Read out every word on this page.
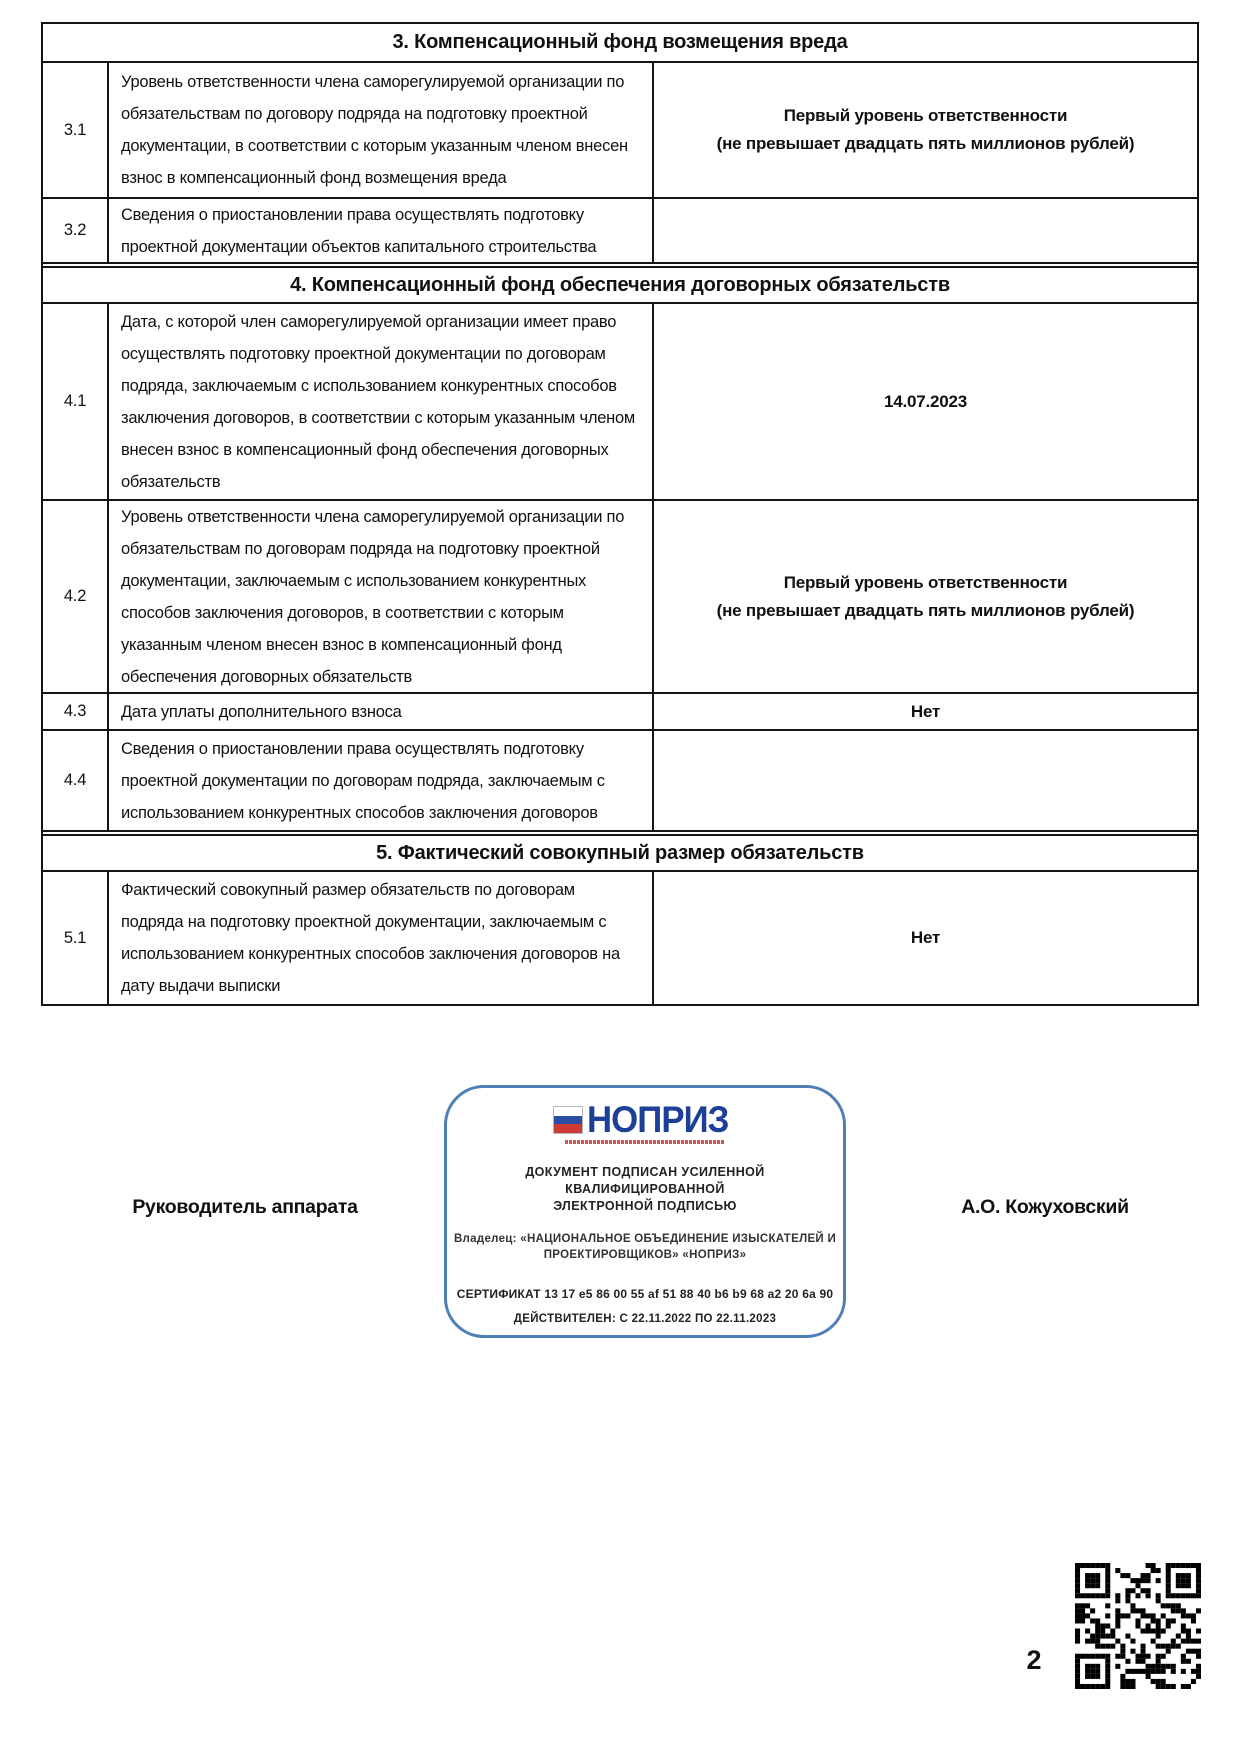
3. Компенсационный фонд возмещения вреда
3.1
Уровень ответственности члена саморегулируемой организации по обязательствам по договору подряда на подготовку проектной документации, в соответствии с которым указанным членом внесен взнос в компенсационный фонд возмещения вреда
Первый уровень ответственности
(не превышает двадцать пять миллионов рублей)
3.2
Сведения о приостановлении права осуществлять подготовку проектной документации объектов капитального строительства
4. Компенсационный фонд обеспечения договорных обязательств
4.1
Дата, с которой член саморегулируемой организации имеет право осуществлять подготовку проектной документации по договорам подряда, заключаемым с использованием конкурентных способов заключения договоров, в соответствии с которым указанным членом внесен взнос в компенсационный фонд обеспечения договорных обязательств
14.07.2023
4.2
Уровень ответственности члена саморегулируемой организации по обязательствам по договорам подряда на подготовку проектной документации, заключаемым с использованием конкурентных способов заключения договоров, в соответствии с которым указанным членом внесен взнос в компенсационный фонд обеспечения договорных обязательств
Первый уровень ответственности
(не превышает двадцать пять миллионов рублей)
4.3	Дата уплаты дополнительного взноса	Нет
4.4
Сведения о приостановлении права осуществлять подготовку проектной документации по договорам подряда, заключаемым с использованием конкурентных способов заключения договоров
5. Фактический совокупный размер обязательств
5.1
Фактический совокупный размер обязательств по договорам подряда на подготовку проектной документации, заключаемым с использованием конкурентных способов заключения договоров на дату выдачи выписки
Нет
Руководитель аппарата
НОПРИЗ
ДОКУМЕНТ ПОДПИСАН УСИЛЕННОЙ КВАЛИФИЦИРОВАННОЙ
ЭЛЕКТРОННОЙ ПОДПИСЬЮ
Владелец: «НАЦИОНАЛЬНОЕ ОБЪЕДИНЕНИЕ ИЗЫСКАТЕЛЕЙ И
ПРОЕКТИРОВЩИКОВ» «НОПРИЗ»
СЕРТИФИКАТ 13 17 e5 86 00 55 af 51 88 40 b6 b9 68 a2 20 6a 90
ДЕЙСТВИТЕЛЕН: С 22.11.2022 ПО 22.11.2023
А.О. Кожуховский
2
